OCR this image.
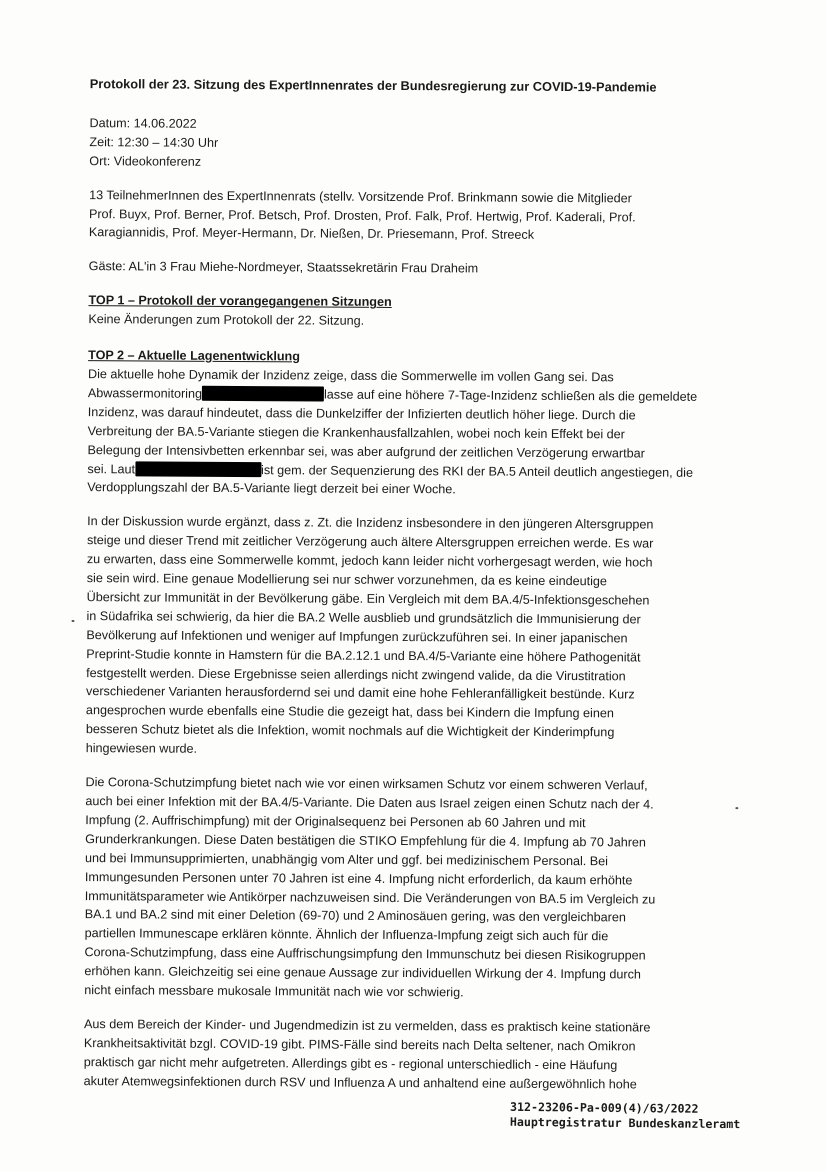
Protokoll der 23. Sitzung des ExpertInnenrates der Bundesregierung zur COVID-19-Pandemie
Datum: 14.06.2022
Zeit: 12:30 – 14:30 Uhr
Ort: Videokonferenz

13 TeilnehmerInnen des ExpertInnenrats (stellv. Vorsitzende Prof. Brinkmann sowie die Mitglieder
Prof. Buyx, Prof. Berner, Prof. Betsch, Prof. Drosten, Prof. Falk, Prof. Hertwig, Prof. Kaderali, Prof.
Karagiannidis, Prof. Meyer-Hermann, Dr. Nießen, Dr. Priesemann, Prof. Streeck

Gäste: AL'in 3 Frau Miehe-Nordmeyer, Staatssekretärin Frau Draheim

TOP 1 – Protokoll der vorangegangenen Sitzungen
Keine Änderungen zum Protokoll der 22. Sitzung.
TOP 2 – Aktuelle Lagenentwicklung

Die aktuelle hohe Dynamik der Inzidenz zeige, dass die Sommerwelle im vollen Gang sei. Das
Abwassermonitoring	lasse auf eine höhere 7-Tage-Inzidenz schließen als die gemeldete
Inzidenz, was darauf hindeutet, dass die Dunkelziffer der Infizierten deutlich höher liege. Durch die
Verbreitung der BA.5-Variante stiegen die Krankenhausfallzahlen, wobei noch kein Effekt bei der
Belegung der Intensivbetten erkennbar sei, was aber aufgrund der zeitlichen Verzögerung erwartbar
sei. Laut	ist gem. der Sequenzierung des RKI der BA.5 Anteil deutlich angestiegen, die
Verdopplungszahl der BA.5-Variante liegt derzeit bei einer Woche.

In der Diskussion wurde ergänzt, dass z. Zt. die Inzidenz insbesondere in den jüngeren Altersgruppen
steige und dieser Trend mit zeitlicher Verzögerung auch ältere Altersgruppen erreichen werde. Es war
zu erwarten, dass eine Sommerwelle kommt, jedoch kann leider nicht vorhergesagt werden, wie hoch
sie sein wird. Eine genaue Modellierung sei nur schwer vorzunehmen, da es keine eindeutige
Übersicht zur Immunität in der Bevölkerung gäbe. Ein Vergleich mit dem BA.4/5-Infektionsgeschehen
in Südafrika sei schwierig, da hier die BA.2 Welle ausblieb und grundsätzlich die Immunisierung der
Bevölkerung auf Infektionen und weniger auf Impfungen zurückzuführen sei. In einer japanischen
Preprint-Studie konnte in Hamstern für die BA.2.12.1 und BA.4/5-Variante eine höhere Pathogenität
festgestellt werden. Diese Ergebnisse seien allerdings nicht zwingend valide, da die Virustitration
verschiedener Varianten herausfordernd sei und damit eine hohe Fehleranfälligkeit bestünde. Kurz
angesprochen wurde ebenfalls eine Studie die gezeigt hat, dass bei Kindern die Impfung einen
besseren Schutz bietet als die Infektion, womit nochmals auf die Wichtigkeit der Kinderimpfung
hingewiesen wurde.

Die Corona-Schutzimpfung bietet nach wie vor einen wirksamen Schutz vor einem schweren Verlauf,
auch bei einer Infektion mit der BA.4/5-Variante. Die Daten aus Israel zeigen einen Schutz nach der 4.
Impfung (2. Auffrischimpfung) mit der Originalsequenz bei Personen ab 60 Jahren und mit
Grunderkrankungen. Diese Daten bestätigen die STIKO Empfehlung für die 4. Impfung ab 70 Jahren
und bei Immunsupprimierten, unabhängig vom Alter und ggf. bei medizinischem Personal. Bei
Immungesunden Personen unter 70 Jahren ist eine 4. Impfung nicht erforderlich, da kaum erhöhte
Immunitätsparameter wie Antikörper nachzuweisen sind. Die Veränderungen von BA.5 im Vergleich zu
BA.1 und BA.2 sind mit einer Deletion (69-70) und 2 Aminosäuen gering, was den vergleichbaren
partiellen Immunescape erklären könnte. Ähnlich der Influenza-Impfung zeigt sich auch für die
Corona-Schutzimpfung, dass eine Auffrischungsimpfung den Immunschutz bei diesen Risikogruppen
erhöhen kann. Gleichzeitig sei eine genaue Aussage zur individuellen Wirkung der 4. Impfung durch
nicht einfach messbare mukosale Immunität nach wie vor schwierig.

Aus dem Bereich der Kinder- und Jugendmedizin ist zu vermelden, dass es praktisch keine stationäre
Krankheitsaktivität bzgl. COVID-19 gibt. PIMS-Fälle sind bereits nach Delta seltener, nach Omikron
praktisch gar nicht mehr aufgetreten. Allerdings gibt es - regional unterschiedlich - eine Häufung
akuter Atemwegsinfektionen durch RSV und Influenza A und anhaltend eine außergewöhnlich hohe

312-23206-Pa-009(4)/63/2022
Hauptregistratur Bundeskanzleramt
